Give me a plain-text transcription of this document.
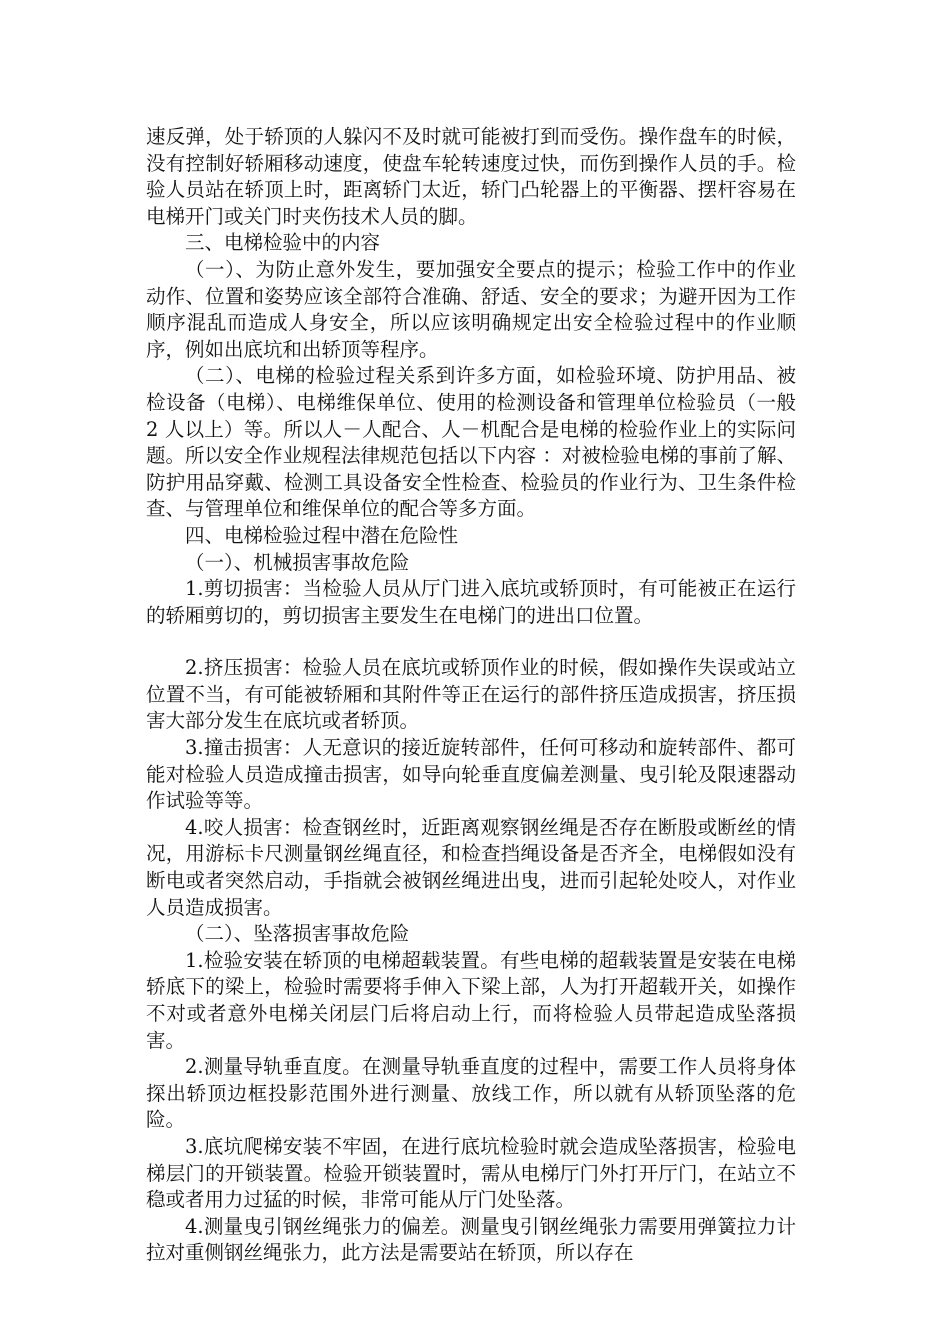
速反弹，处于轿顶的人躲闪不及时就可能被打到而受伤。操作盘车的时候，没有控制好轿厢移动速度，使盘车轮转速度过快，而伤到操作人员的手。检验人员站在轿顶上时，距离轿门太近，轿门凸轮器上的平衡器、摆杆容易在电梯开门或关门时夹伤技术人员的脚。

三、电梯检验中的内容

（一）、为防止意外发生，要加强安全要点的提示；检验工作中的作业动作、位置和姿势应该全部符合准确、舒适、安全的要求；为避开因为工作顺序混乱而造成人身安全，所以应该明确规定出安全检验过程中的作业顺序，例如出底坑和出轿顶等程序。

（二）、电梯的检验过程关系到许多方面，如检验环境、防护用品、被检设备（电梯）、电梯维保单位、使用的检测设备和管理单位检验员（一般 2 人以上）等。所以人－人配合、人－机配合是电梯的检验作业上的实际问题。所以安全作业规程法律规范包括以下内容 ：对被检验电梯的事前了解、防护用品穿戴、检测工具设备安全性检查、检验员的作业行为、卫生条件检查、与管理单位和维保单位的配合等多方面。

四、电梯检验过程中潜在危险性

（一）、机械损害事故危险

1.剪切损害：当检验人员从厅门进入底坑或轿顶时，有可能被正在运行的轿厢剪切的，剪切损害主要发生在电梯门的进出口位置。

2.挤压损害：检验人员在底坑或轿顶作业的时候，假如操作失误或站立位置不当，有可能被轿厢和其附件等正在运行的部件挤压造成损害，挤压损害大部分发生在底坑或者轿顶。

3.撞击损害：人无意识的接近旋转部件，任何可移动和旋转部件、都可能对检验人员造成撞击损害，如导向轮垂直度偏差测量、曳引轮及限速器动作试验等等。

4.咬人损害：检查钢丝时，近距离观察钢丝绳是否存在断股或断丝的情况，用游标卡尺测量钢丝绳直径，和检查挡绳设备是否齐全，电梯假如没有断电或者突然启动，手指就会被钢丝绳进出曳，进而引起轮处咬人，对作业人员造成损害。

（二）、坠落损害事故危险

1.检验安装在轿顶的电梯超载装置。有些电梯的超载装置是安装在电梯轿底下的梁上，检验时需要将手伸入下梁上部，人为打开超载开关，如操作不对或者意外电梯关闭层门后将启动上行，而将检验人员带起造成坠落损害。

2.测量导轨垂直度。在测量导轨垂直度的过程中，需要工作人员将身体探出轿顶边框投影范围外进行测量、放线工作，所以就有从轿顶坠落的危险。

3.底坑爬梯安装不牢固，在进行底坑检验时就会造成坠落损害，检验电梯层门的开锁装置。检验开锁装置时，需从电梯厅门外打开厅门，在站立不稳或者用力过猛的时候，非常可能从厅门处坠落。

4.测量曳引钢丝绳张力的偏差。测量曳引钢丝绳张力需要用弹簧拉力计拉对重侧钢丝绳张力，此方法是需要站在轿顶，所以存在
